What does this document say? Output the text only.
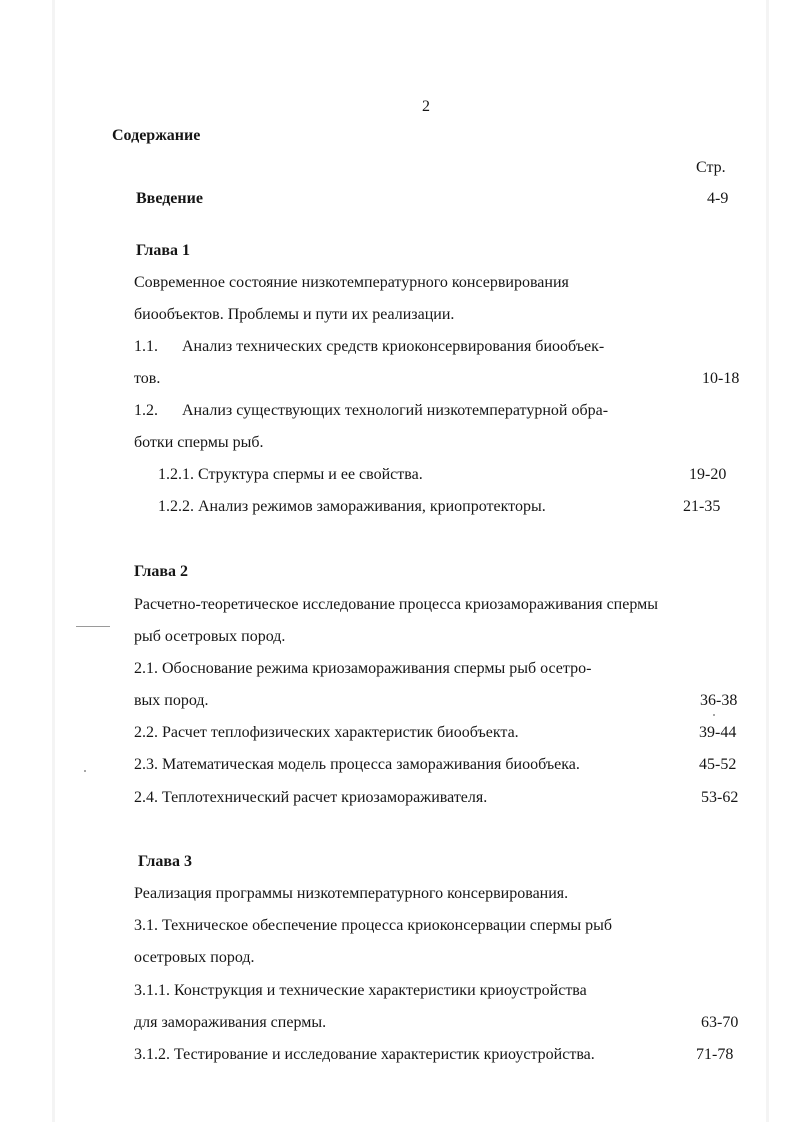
2
Содержание
Стр.
Введение	4-9
Глава 1
Современное состояние низкотемпературного консервирования
биообъектов. Проблемы и пути их реализации.
1.1. Анализ технических средств криоконсервирования биообъек-
тов.	10-18
1.2. Анализ существующих технологий низкотемпературной обра-
ботки спермы рыб.
1.2.1. Структура спермы и ее свойства.	19-20
1.2.2. Анализ режимов замораживания, криопротекторы.	21-35
Глава 2
Расчетно-теоретическое исследование процесса криозамораживания спермы
рыб осетровых пород.
2.1. Обоснование режима криозамораживания спермы рыб осетро-
вых пород.	36-38
2.2. Расчет теплофизических характеристик биообъекта.	39-44
2.3. Математическая модель процесса замораживания биообъека.	45-52
2.4. Теплотехнический расчет криозамораживателя.	53-62
Глава 3
Реализация программы низкотемпературного консервирования.
3.1. Техническое обеспечение процесса криоконсервации спермы рыб
осетровых пород.
3.1.1. Конструкция и технические характеристики криоустройства
для замораживания спермы.	63-70
3.1.2. Тестирование и исследование характеристик криоустройства.	71-78
